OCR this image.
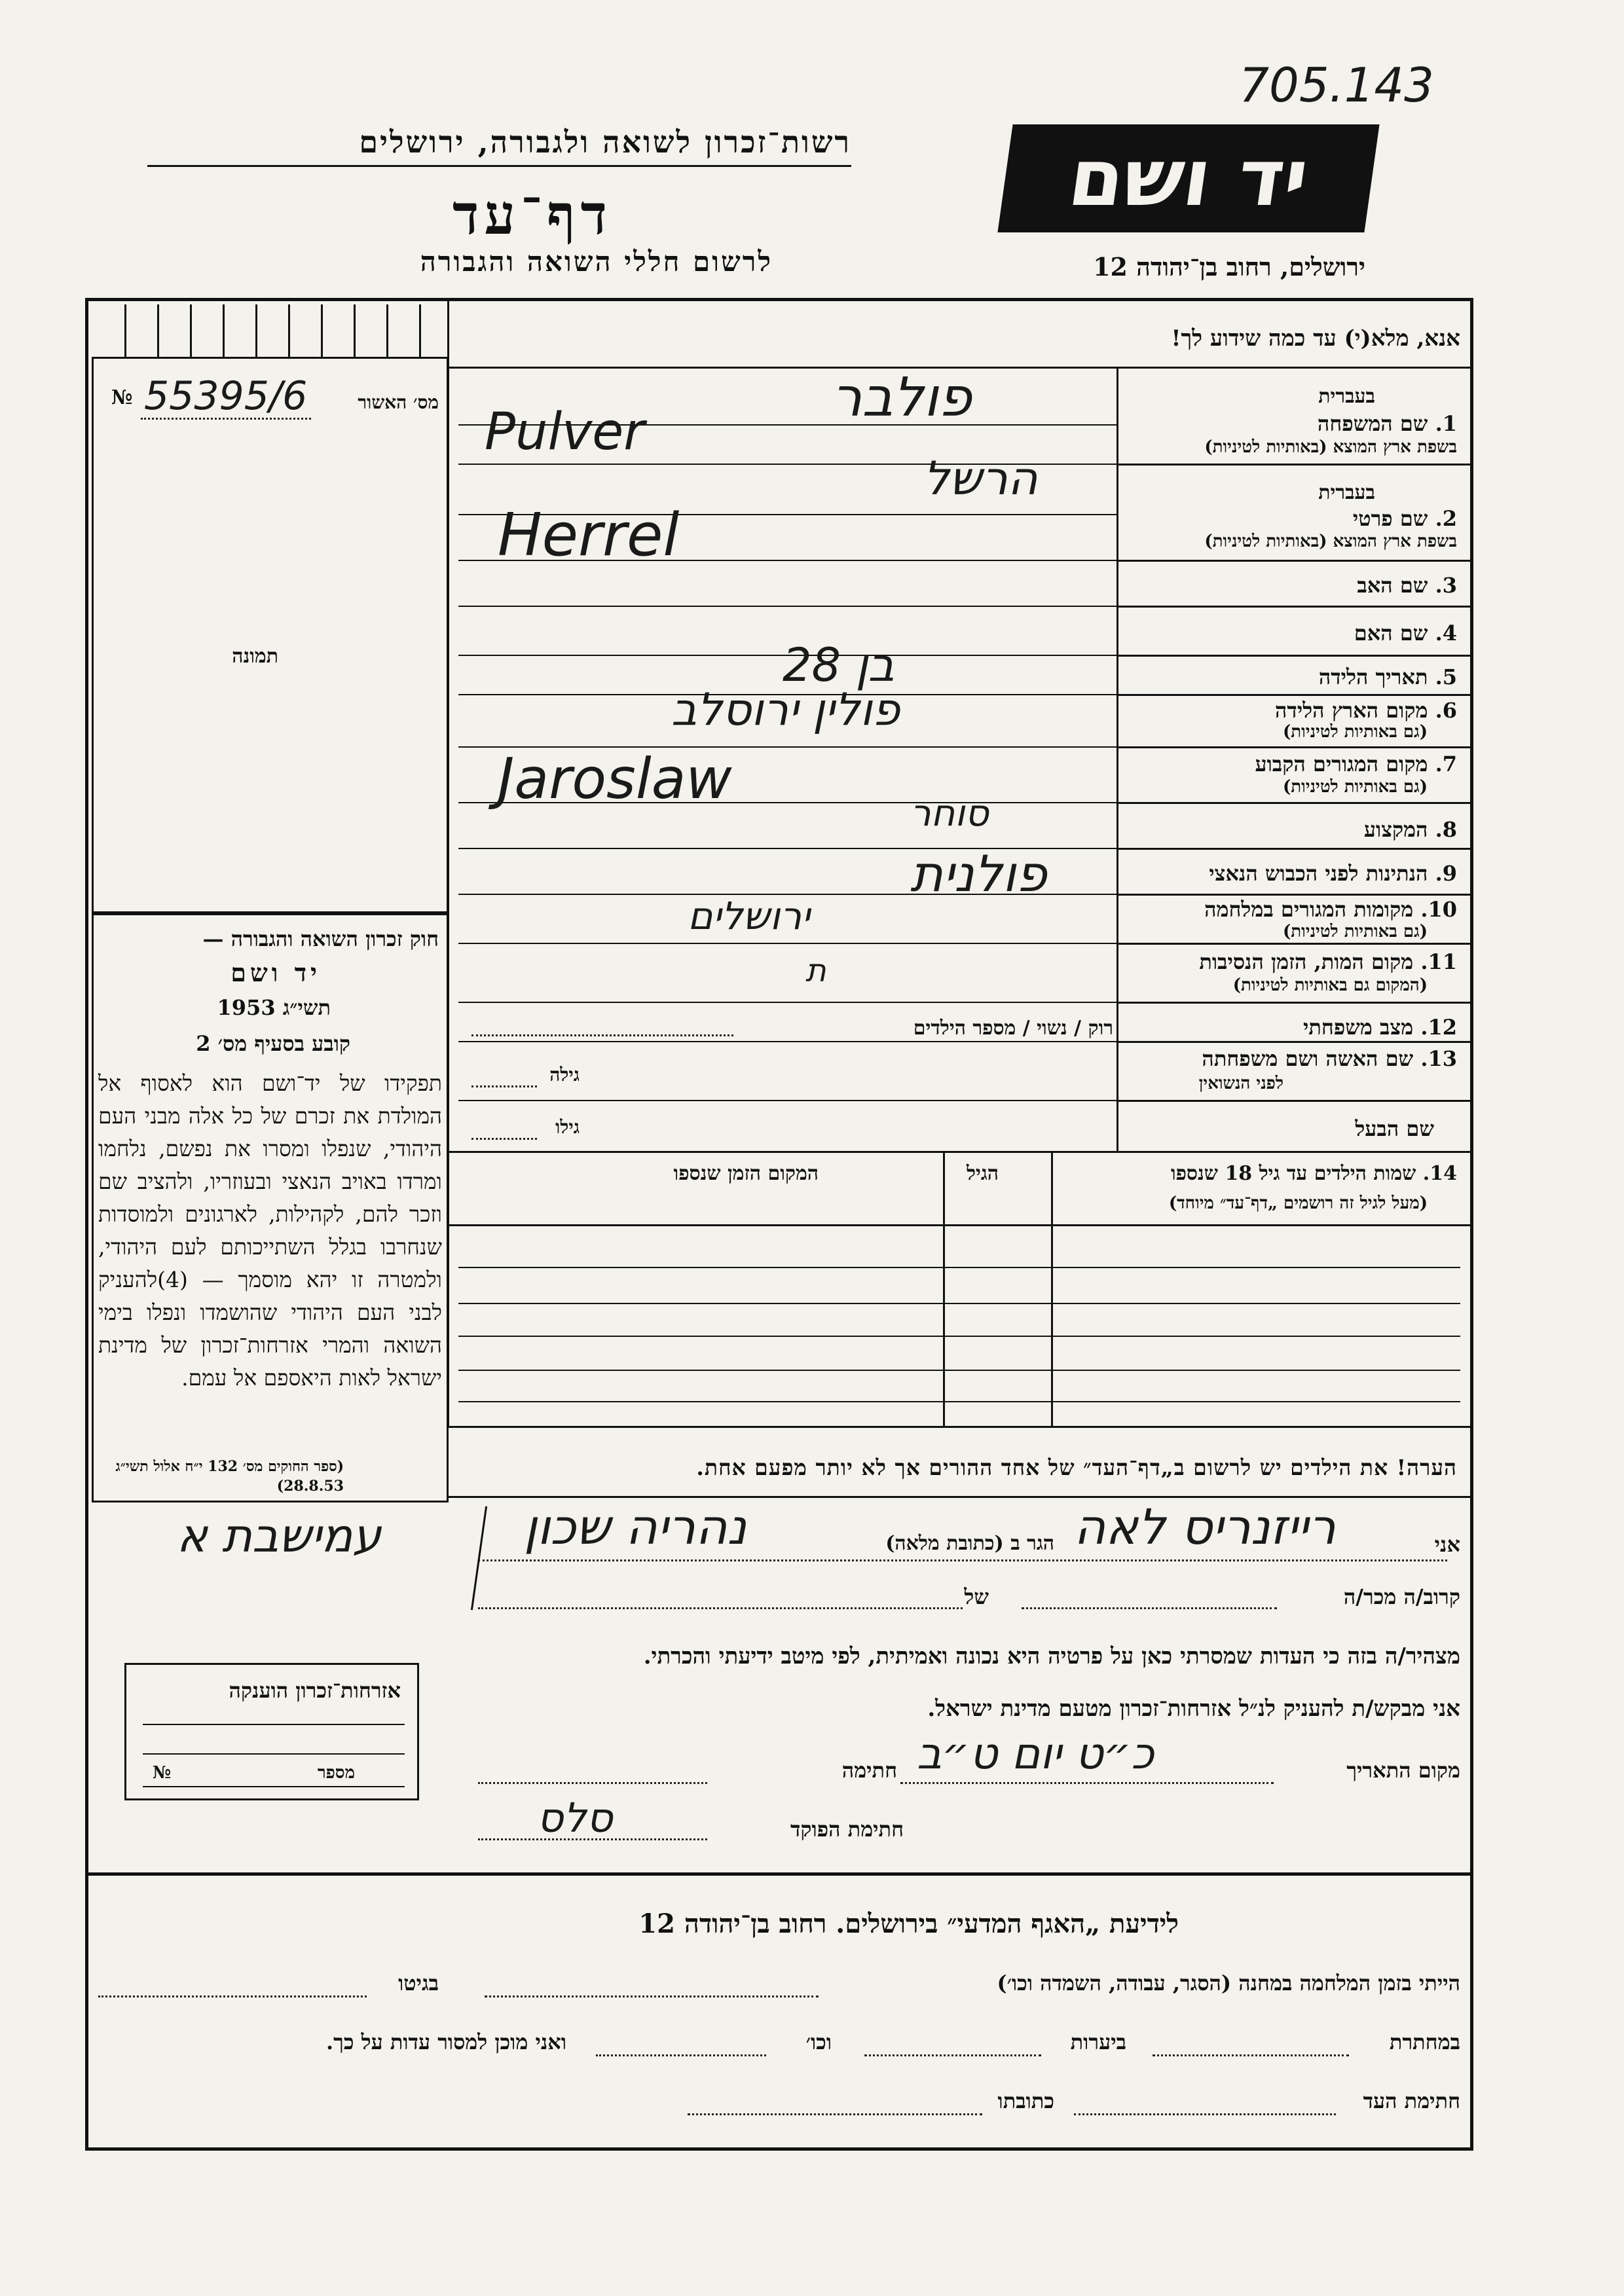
705.143
רשות־זכרון לשואה ולגבורה, ירושלים
דף־עד
לרשום חללי השואה והגבורה
יד ושם
ירושלים, רחוב בן־יהודה 12
מס׳ האשור
№ 55395/6
תמונה
אנא, מלא(י) עד כמה שידוע לך!
בעברית
1. שם המשפחה
בשפת ארץ המוצא (באותיות לטיניות)
בעברית
2. שם פרטי
בשפת ארץ המוצא (באותיות לטיניות)
3. שם האב
4. שם האם
5. תאריך הלידה
6. מקום הארץ הלידה
(גם באותיות לטיניות)
7. מקום המגורים הקבוע
(גם באותיות לטיניות)
8. המקצוע
9. הנתינות לפני הכבוש הנאצי
10. מקומות המגורים במלחמה
(גם באותיות לטיניות)
11. מקום המות, הזמן הנסיבות
(המקום גם באותיות לטיניות)
12. מצב משפחתי
רוק / נשוי / מספר הילדים
13. שם האשה ושם משפחתה
לפני הנשואין
שם הבעל
גילה
גילו
פולבר
Pulver
הרשל
Herrel
בן 28
פולין ירוסלב
Jaroslaw
סוחר
פולנית
ירושלים
ת
14. שמות הילדים עד גיל 18 שנספו
(מעל לגיל זה רושמים „דף־עד״ מיוחד)
הגיל
המקום הזמן שנספו
הערה! את הילדים יש לרשום ב„דף־העד״ של אחד ההורים אך לא יותר מפעם אחת.
חוק זכרון השואה והגבורה —
יד ושם
תשי״ג 1953
קובע בסעיף מס׳ 2
תפקידו של יד־ושם הוא לאסוף אל המולדת את זכרם של כל אלה מבני העם היהודי, שנפלו ומסרו את נפשם, נלחמו ומרדו באויב הנאצי ובעוזריו, ולהציב שם וזכר להם, לקהילות, לארגונים ולמוסדות שנחרבו בגלל השתייכותם לעם היהודי, ולמטרה זו יהא מוסמך — (4)להעניק לבני העם היהודי שהושמדו ונפלו בימי השואה והמרי אזרחות־זכרון של מדינת ישראל לאות היאספם אל עמם.
(ספר החוקים מס׳ 132 י״ח אלול תשי״ג 28.8.53)
אני
רייזנריס לאה
הגר ב (כתובת מלאה)
נהריה שכון
עמישבת א
קרוב/ה מכר/ה
של
מצהיר/ה בזה כי העדות שמסרתי כאן על פרטיה היא נכונה ואמיתית, לפי מיטב ידיעתי והכרתי.
אני מבקש/ת להעניק לנ״ל אזרחות־זכרון מטעם מדינת ישראל.
מקום התאריך
כ״ט יום ט״ב
חתימה
חתימת הפוקד
סלס
אזרחות־זכרון הוענקה
מספר
№
לידיעת „האגף המדעי״ בירושלים. רחוב בן־יהודה 12
הייתי בזמן המלחמה במחנה (הסגר, עבודה, השמדה וכו׳)
בגיטו
במחתרת
ביערות
וכו׳
ואני מוכן למסור עדות על כך.
חתימת העד
כתובתו
